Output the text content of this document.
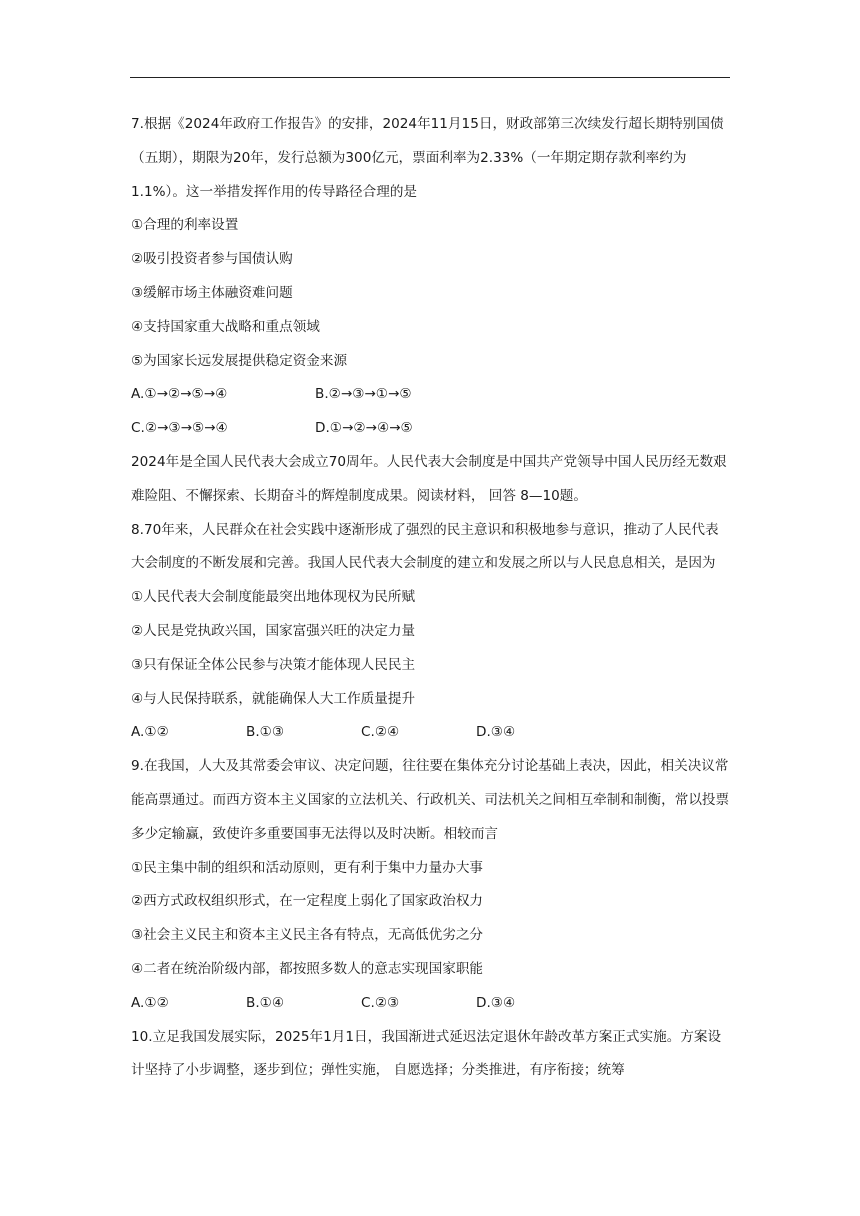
7.根据《2024年政府工作报告》的安排，2024年11月15日，财政部第三次续发行超长期特别国债（五期），期限为20年，发行总额为300亿元，票面利率为2.33%（一年期定期存款利率约为1.1%）。这一举措发挥作用的传导路径合理的是

①合理的利率设置

②吸引投资者参与国债认购

③缓解市场主体融资难问题

④支持国家重大战略和重点领域

⑤为国家长远发展提供稳定资金来源

A.①→②→⑤→④	B.②→③→①→⑤
C.②→③→⑤→④	D.①→②→④→⑤

2024年是全国人民代表大会成立70周年。人民代表大会制度是中国共产党领导中国人民历经无数艰难险阻、不懈探索、长期奋斗的辉煌制度成果。阅读材料， 回答 8—10题。

8.70年来，人民群众在社会实践中逐渐形成了强烈的民主意识和积极地参与意识，推动了人民代表大会制度的不断发展和完善。我国人民代表大会制度的建立和发展之所以与人民息息相关，是因为

①人民代表大会制度能最突出地体现权为民所赋

②人民是党执政兴国，国家富强兴旺的决定力量

③只有保证全体公民参与决策才能体现人民民主

④与人民保持联系，就能确保人大工作质量提升

A.①②	B.①③	C.②④	D.③④

9.在我国，人大及其常委会审议、决定问题，往往要在集体充分讨论基础上表决，因此，相关决议常能高票通过。而西方资本主义国家的立法机关、行政机关、司法机关之间相互牵制和制衡，常以投票多少定输赢，致使许多重要国事无法得以及时决断。相较而言

①民主集中制的组织和活动原则，更有利于集中力量办大事

②西方式政权组织形式，在一定程度上弱化了国家政治权力

③社会主义民主和资本主义民主各有特点，无高低优劣之分

④二者在统治阶级内部，都按照多数人的意志实现国家职能

A.①②	B.①④	C.②③	D.③④

10.立足我国发展实际，2025年1月1日，我国渐进式延迟法定退休年龄改革方案正式实施。方案设计坚持了小步调整，逐步到位；弹性实施， 自愿选择；分类推进，有序衔接；统筹
